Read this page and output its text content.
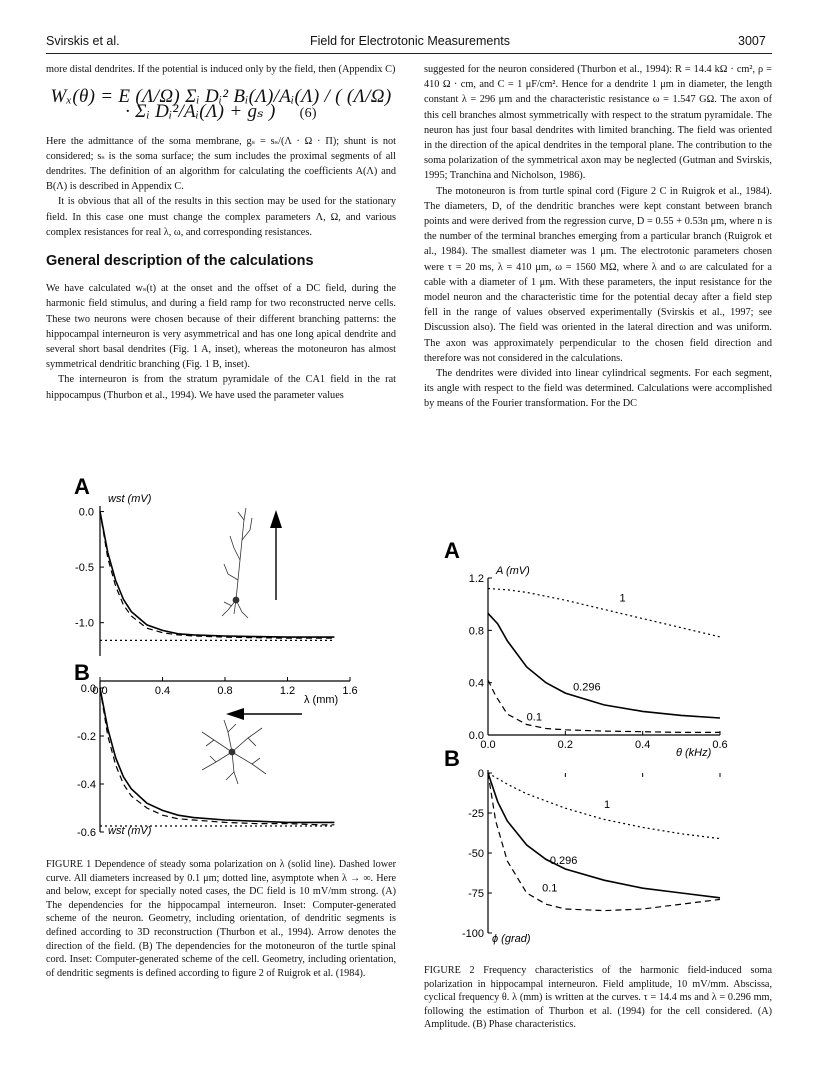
Svirskis et al.	Field for Electrotonic Measurements	3007

more distal dendrites. If the potential is induced only by the field, then (Appendix C)

Wₓ(θ) = E (Λ/Ω) Σᵢ Dᵢ² Bᵢ(Λ)/Aᵢ(Λ) / ( (Λ/Ω) · Σᵢ Dᵢ²/Aᵢ(Λ) + gₛ ) (6)

Here the admittance of the soma membrane, gₛ = sₛ/(Λ · Ω · Π); shunt is not considered; sₛ is the soma surface; the sum includes the proximal segments of all dendrites. The definition of an algorithm for calculating the coefficients A(Λ) and B(Λ) is described in Appendix C.

It is obvious that all of the results in this section may be used for the stationary field. In this case one must change the complex parameters Λ, Ω, and various complex resistances for real λ, ω, and corresponding resistances.

General description of the calculations

We have calculated wₛ(t) at the onset and the offset of a DC field, during the harmonic field stimulus, and during a field ramp for two reconstructed nerve cells. These two neurons were chosen because of their different branching patterns: the hippocampal interneuron is very asymmetrical and has one long apical dendrite and several short basal dendrites (Fig. 1 A, inset), whereas the motoneuron has almost symmetrical dendritic branching (Fig. 1 B, inset).

The interneuron is from the stratum pyramidale of the CA1 field in the rat hippocampus (Thurbon et al., 1994). We have used the parameter values

suggested for the neuron considered (Thurbon et al., 1994): R = 14.4 kΩ · cm², ρ = 410 Ω · cm, and C = 1 μF/cm². Hence for a dendrite 1 μm in diameter, the length constant λ = 296 μm and the characteristic resistance ω = 1.547 GΩ. The axon of this cell branches almost symmetrically with respect to the stratum pyramidale. The neuron has just four basal dendrites with limited branching. The field was oriented in the direction of the apical dendrites in the temporal plane. The contribution to the soma polarization of the symmetrical axon may be neglected (Gutman and Svirskis, 1995; Tranchina and Nicholson, 1986).

The motoneuron is from turtle spinal cord (Figure 2 C in Ruigrok et al., 1984). The diameters, D, of the dendritic branches were kept constant between branch points and were derived from the regression curve, D = 0.55 + 0.53n μm, where n is the number of the terminal branches emerging from a particular branch (Ruigrok et al., 1984). The smallest diameter was 1 μm. The electrotonic parameters chosen were τ = 20 ms, λ = 410 μm, ω = 1560 MΩ, where λ and ω are calculated for a cable with a diameter of 1 μm. With these parameters, the input resistance for the model neuron and the characteristic time for the potential decay after a field step fell in the range of values observed experimentally (Svirskis et al., 1997; see Discussion also). The field was oriented in the lateral direction and was uniform. The axon was approximately perpendicular to the chosen field direction and therefore was not considered in the calculations.

The dendrites were divided into linear cylindrical segments. For each segment, its angle with respect to the field was determined. Calculations were accomplished by means of the Fourier transformation. For the DC

0.0
-0.5
-1.0
0.0
-0.2
-0.4
-0.6
0.0	0.4	0.8	1.2	1.6
A
B
wst (mV)
wst (mV)
λ (mm)
FIGURE 1 Dependence of steady soma polarization on λ (solid line). Dashed lower curve. All diameters increased by 0.1 μm; dotted line, asymptote when λ → ∞. Here and below, except for specially noted cases, the DC field is 10 mV/mm strong. (A) The dependencies for the hippocampal interneuron. Inset: Computer-generated scheme of the neuron. Geometry, including orientation, of dendritic segments is defined according to 3D reconstruction (Thurbon et al., 1994). Arrow denotes the direction of the field. (B) The dependencies for the motoneuron of the turtle spinal cord. Inset: Computer-generated scheme of the cell. Geometry, including orientation, of dendritic segments is defined according to figure 2 of Ruigrok et al. (1984).
1.2
0.8
0.4
0.0
0
-25
-50
-75
-100
0.0	0.2	0.4	0.6
1
1
0.296
0.296
0.1
0.1
A
B
A (mV)
ϕ (grad)
θ (kHz)
FIGURE 2 Frequency characteristics of the harmonic field-induced soma polarization in hippocampal interneuron. Field amplitude, 10 mV/mm. Abscissa, cyclical frequency θ. λ (mm) is written at the curves. τ = 14.4 ms and λ = 0.296 mm, following the estimation of Thurbon et al. (1994) for the cell considered. (A) Amplitude. (B) Phase characteristics.
